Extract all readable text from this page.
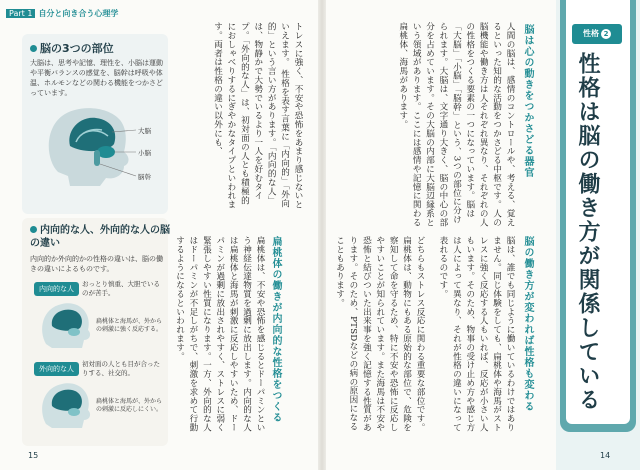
Part 1 自分と向き合う心理学
脳の3つの部位
大脳は、思考や記憶、理性を、小脳は運動や平衡バランスの感覚を、脳幹は呼吸や体温、ホルモンなどの関わる機能をつかさどっています。
大脳
小脳
脳幹
内向的な人、外向的な人の脳の違い
内向的か外向的かの性格の違いは、脳の働きの違いによるものです。
内向的な人
おっとり慎重、大胆でいるのが苦手。
扁桃体と海馬が、外からの刺激に強く反応する。
外向的な人
初対面の人とも目が合ったりする、社交的。
扁桃体と海馬が、外からの刺激に反応しにくい。
トレスに強く、不安や恐怖をあまり感じないといえます。 性格を表す言葉に「内向的」「外向的」という言い方があります。「内向的な人」は、物静かで大勢でいるより一人を好むタイプ。「外向的な人」は、初対面の人とも積極的におしゃべりするにぎやかなタイプといわれます。両者は性格の違い以外にも、
扁桃体の働きが内向的な性格をつくる
扁桃体は、不安や恐怖を感じるとドーパミンという神経伝達物質を過剰に放出します。内向的な人は扁桃体と海馬が刺激に反応しやすいため、ドーパミンが過剰に放出されやすく、ストレスに弱く緊張しやすい性質になります。一方、外向的な人はドーパミンが不足しがちで、刺激を求めて行動するようになるといわれます。
15
脳は心の動きをつかさどる器官
人間の脳は、感情のコントロールや、考える、覚えるといった知的な活動をつかさどる中枢です。人の脳機能や働き方は人それぞれ異なり、それぞれの人の性格をつくる要素の一つになっています。脳は「大脳」「小脳」「脳幹」という、3つの部位に分けられます。大脳は、文字通り大きく、脳の中心の部分を占めています。その大脳の内部に大脳辺縁系という領域があります。ここには感情や記憶に関わる扁桃体、海馬があります。
脳の働き方が変われば性格も変わる
脳は、誰でも同じように働いているわけではありません。同じ体験をしても、扁桃体や海馬がストレスに強く反応する人もいれば、反応が小さい人もいます。そのため、物事の受け止め方や感じ方は人によって異なり、それが性格の違いになって表れるのです。
どちらもストレス反応に関わる重要な部位です。扁桃体は、動物にもある原始的な部位で、危険を察知して命を守るため、特に不安や恐怖に反応しやすいことが知られています。また海馬は不安や恐怖と結びついた出来事を強く記憶する性質があります。そのため、PTSDなどの病の原因になることもあります。
性格 2
性格は脳の働き方が関係している
14
